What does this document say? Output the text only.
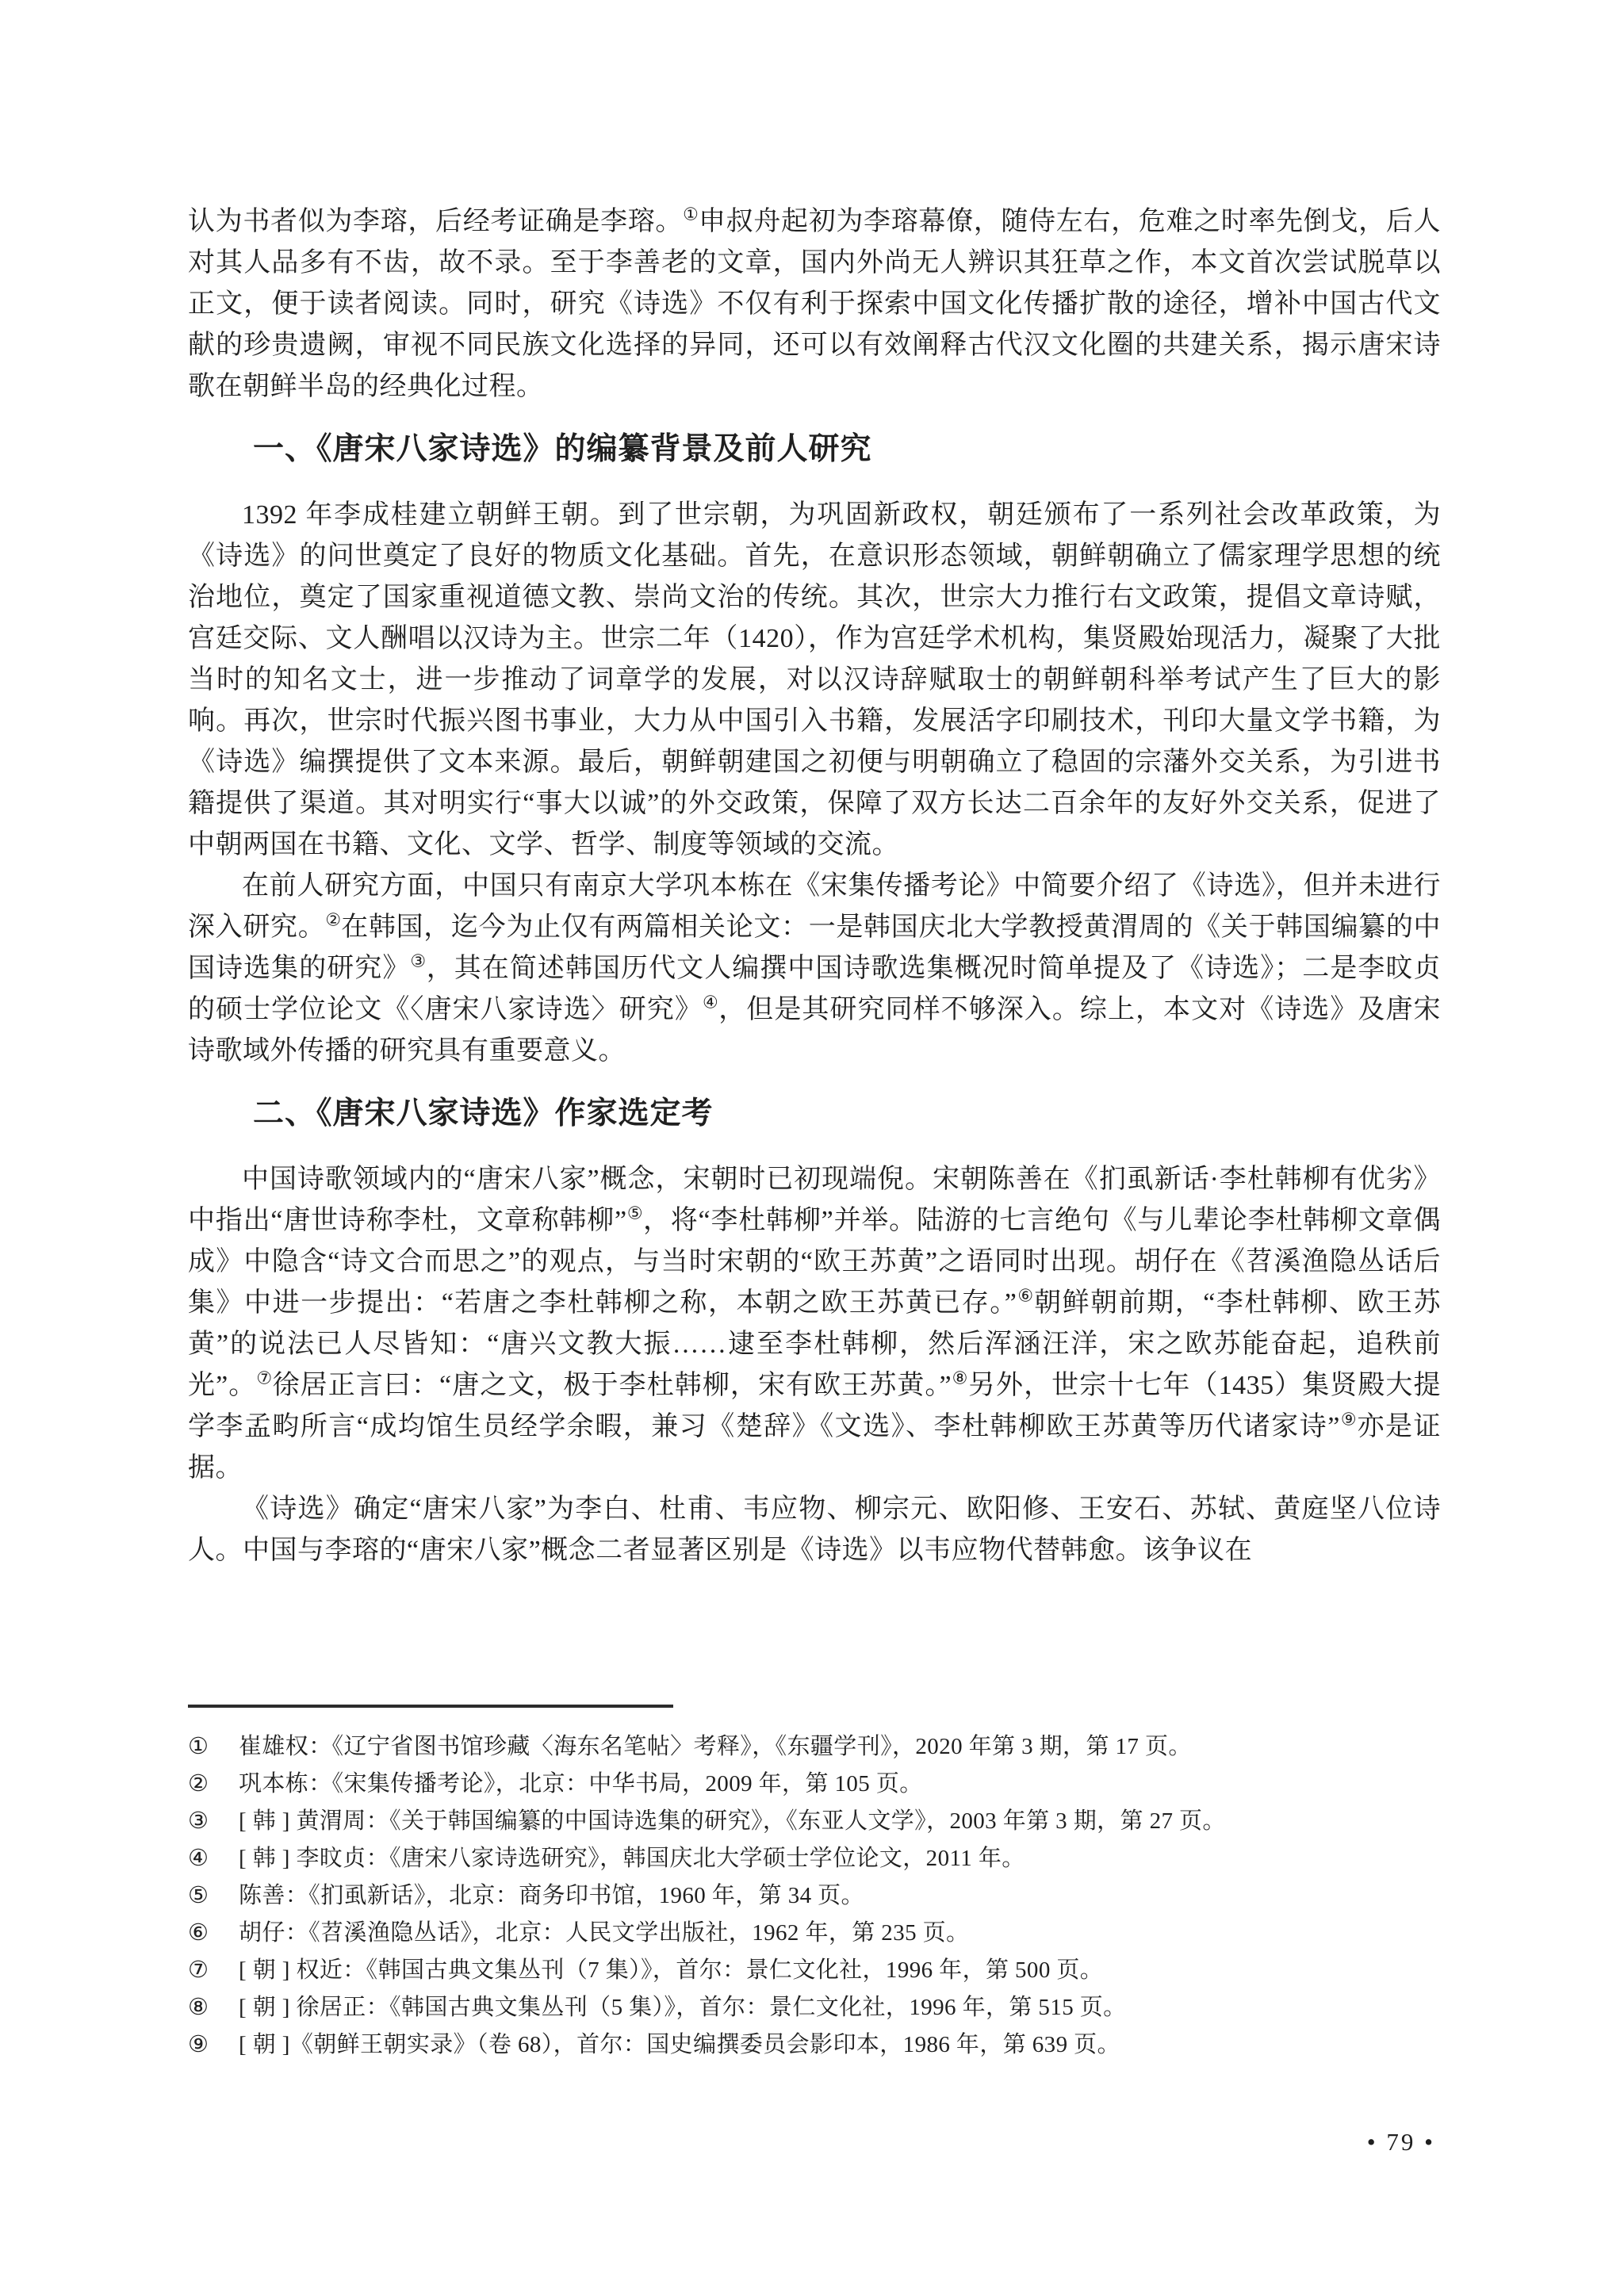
认为书者似为李瑢，后经考证确是李瑢。①申叔舟起初为李瑢幕僚，随侍左右，危难之时率先倒戈，后人对其人品多有不齿，故不录。至于李善老的文章，国内外尚无人辨识其狂草之作，本文首次尝试脱草以正文，便于读者阅读。同时，研究《诗选》不仅有利于探索中国文化传播扩散的途径，增补中国古代文献的珍贵遗阙，审视不同民族文化选择的异同，还可以有效阐释古代汉文化圈的共建关系，揭示唐宋诗歌在朝鲜半岛的经典化过程。

一、《唐宋八家诗选》的编纂背景及前人研究

1392 年李成桂建立朝鲜王朝。到了世宗朝，为巩固新政权，朝廷颁布了一系列社会改革政策，为《诗选》的问世奠定了良好的物质文化基础。首先，在意识形态领域，朝鲜朝确立了儒家理学思想的统治地位，奠定了国家重视道德文教、崇尚文治的传统。其次，世宗大力推行右文政策，提倡文章诗赋，宫廷交际、文人酬唱以汉诗为主。世宗二年（1420），作为宫廷学术机构，集贤殿始现活力，凝聚了大批当时的知名文士，进一步推动了词章学的发展，对以汉诗辞赋取士的朝鲜朝科举考试产生了巨大的影响。再次，世宗时代振兴图书事业，大力从中国引入书籍，发展活字印刷技术，刊印大量文学书籍，为《诗选》编撰提供了文本来源。最后，朝鲜朝建国之初便与明朝确立了稳固的宗藩外交关系，为引进书籍提供了渠道。其对明实行“事大以诚”的外交政策，保障了双方长达二百余年的友好外交关系，促进了中朝两国在书籍、文化、文学、哲学、制度等领域的交流。

在前人研究方面，中国只有南京大学巩本栋在《宋集传播考论》中简要介绍了《诗选》，但并未进行深入研究。②在韩国，迄今为止仅有两篇相关论文：一是韩国庆北大学教授黄渭周的《关于韩国编纂的中国诗选集的研究》③，其在简述韩国历代文人编撰中国诗歌选集概况时简单提及了《诗选》；二是李旼贞的硕士学位论文《〈唐宋八家诗选〉研究》④，但是其研究同样不够深入。综上，本文对《诗选》及唐宋诗歌域外传播的研究具有重要意义。

二、《唐宋八家诗选》作家选定考

中国诗歌领域内的“唐宋八家”概念，宋朝时已初现端倪。宋朝陈善在《扪虱新话·李杜韩柳有优劣》中指出“唐世诗称李杜，文章称韩柳”⑤，将“李杜韩柳”并举。陆游的七言绝句《与儿辈论李杜韩柳文章偶成》中隐含“诗文合而思之”的观点，与当时宋朝的“欧王苏黄”之语同时出现。胡仔在《苕溪渔隐丛话后集》中进一步提出：“若唐之李杜韩柳之称，本朝之欧王苏黄已存。”⑥朝鲜朝前期，“李杜韩柳、欧王苏黄”的说法已人尽皆知：“唐兴文教大振……逮至李杜韩柳，然后浑涵汪洋，宋之欧苏能奋起，追秩前光”。⑦徐居正言曰：“唐之文，极于李杜韩柳，宋有欧王苏黄。”⑧另外，世宗十七年（1435）集贤殿大提学李孟畇所言“成均馆生员经学余暇，兼习《楚辞》《文选》、李杜韩柳欧王苏黄等历代诸家诗”⑨亦是证据。

《诗选》确定“唐宋八家”为李白、杜甫、韦应物、柳宗元、欧阳修、王安石、苏轼、黄庭坚八位诗人。中国与李瑢的“唐宋八家”概念二者显著区别是《诗选》以韦应物代替韩愈。该争议在

①	崔雄权：《辽宁省图书馆珍藏〈海东名笔帖〉考释》，《东疆学刊》，2020 年第 3 期，第 17 页。
②	巩本栋：《宋集传播考论》，北京：中华书局，2009 年，第 105 页。
③	[ 韩 ] 黄渭周：《关于韩国编纂的中国诗选集的研究》，《东亚人文学》，2003 年第 3 期，第 27 页。
④	[ 韩 ] 李旼贞：《唐宋八家诗选研究》，韩国庆北大学硕士学位论文，2011 年。
⑤	陈善：《扪虱新话》，北京：商务印书馆，1960 年，第 34 页。
⑥	胡仔：《苕溪渔隐丛话》，北京：人民文学出版社，1962 年，第 235 页。
⑦	[ 朝 ] 权近：《韩国古典文集丛刊（7 集）》，首尔：景仁文化社，1996 年，第 500 页。
⑧	[ 朝 ] 徐居正：《韩国古典文集丛刊（5 集）》，首尔：景仁文化社，1996 年，第 515 页。
⑨	[ 朝 ]《朝鲜王朝实录》（卷 68），首尔：国史编撰委员会影印本，1986 年，第 639 页。
• 79 •
